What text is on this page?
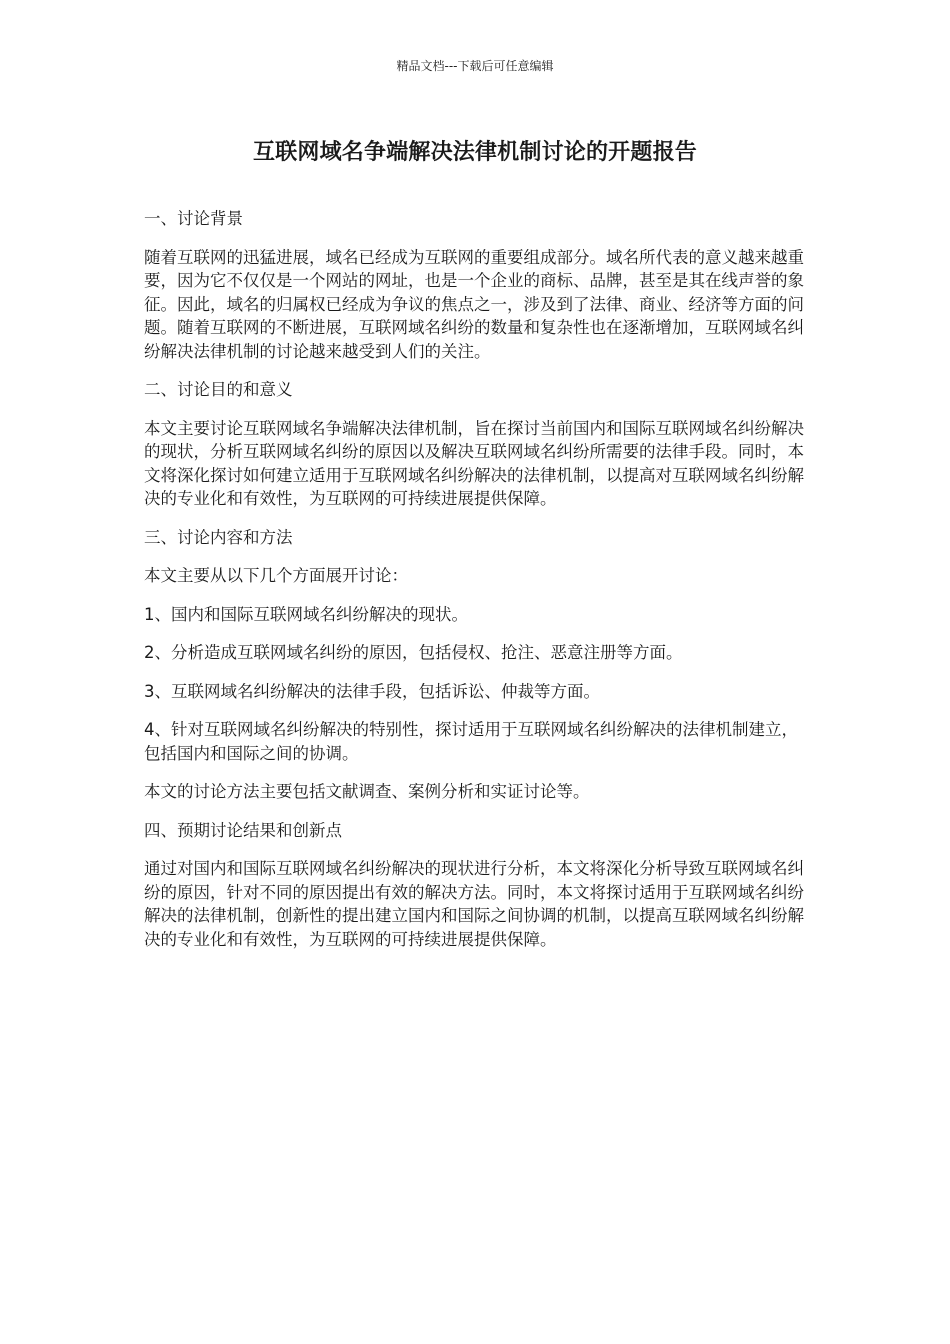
精品文档---下载后可任意编辑
互联网域名争端解决法律机制讨论的开题报告

一、讨论背景

随着互联网的迅猛进展，域名已经成为互联网的重要组成部分。域名所代表的意义越来越重要，因为它不仅仅是一个网站的网址，也是一个企业的商标、品牌，甚至是其在线声誉的象征。因此，域名的归属权已经成为争议的焦点之一，涉及到了法律、商业、经济等方面的问题。随着互联网的不断进展，互联网域名纠纷的数量和复杂性也在逐渐增加，互联网域名纠纷解决法律机制的讨论越来越受到人们的关注。

二、讨论目的和意义

本文主要讨论互联网域名争端解决法律机制，旨在探讨当前国内和国际互联网域名纠纷解决的现状，分析互联网域名纠纷的原因以及解决互联网域名纠纷所需要的法律手段。同时，本文将深化探讨如何建立适用于互联网域名纠纷解决的法律机制，以提高对互联网域名纠纷解决的专业化和有效性，为互联网的可持续进展提供保障。

三、讨论内容和方法

本文主要从以下几个方面展开讨论：

1、国内和国际互联网域名纠纷解决的现状。

2、分析造成互联网域名纠纷的原因，包括侵权、抢注、恶意注册等方面。

3、互联网域名纠纷解决的法律手段，包括诉讼、仲裁等方面。

4、针对互联网域名纠纷解决的特别性，探讨适用于互联网域名纠纷解决的法律机制建立，包括国内和国际之间的协调。

本文的讨论方法主要包括文献调查、案例分析和实证讨论等。

四、预期讨论结果和创新点

通过对国内和国际互联网域名纠纷解决的现状进行分析，本文将深化分析导致互联网域名纠纷的原因，针对不同的原因提出有效的解决方法。同时，本文将探讨适用于互联网域名纠纷解决的法律机制，创新性的提出建立国内和国际之间协调的机制，以提高互联网域名纠纷解决的专业化和有效性，为互联网的可持续进展提供保障。
